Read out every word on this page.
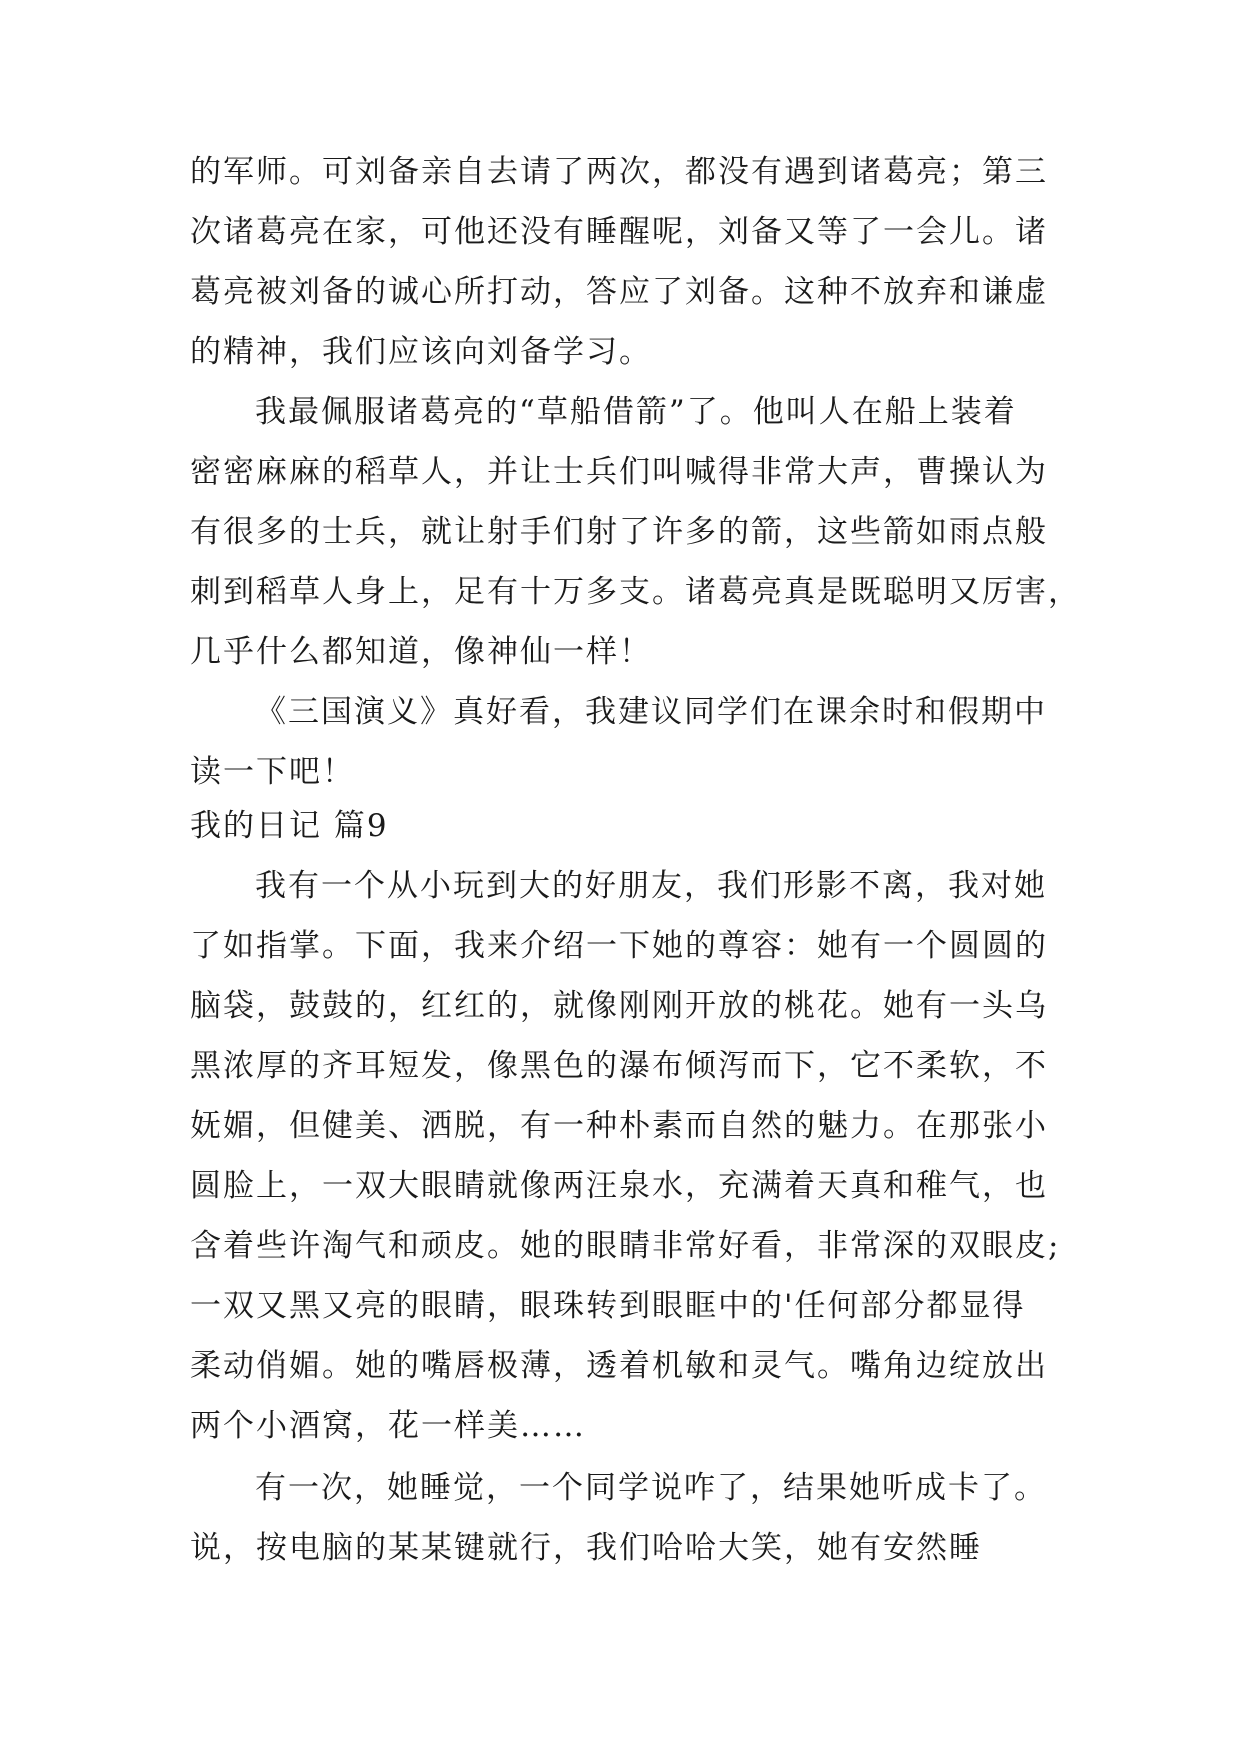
的军师。可刘备亲自去请了两次，都没有遇到诸葛亮；第三
次诸葛亮在家，可他还没有睡醒呢，刘备又等了一会儿。诸
葛亮被刘备的诚心所打动，答应了刘备。这种不放弃和谦虚
的精神，我们应该向刘备学习。
我最佩服诸葛亮的“草船借箭”了。他叫人在船上装着
密密麻麻的稻草人，并让士兵们叫喊得非常大声，曹操认为
有很多的士兵，就让射手们射了许多的箭，这些箭如雨点般
刺到稻草人身上，足有十万多支。诸葛亮真是既聪明又厉害，
几乎什么都知道，像神仙一样！
《三国演义》真好看，我建议同学们在课余时和假期中
读一下吧！
我的日记 篇9
我有一个从小玩到大的好朋友，我们形影不离，我对她
了如指掌。下面，我来介绍一下她的尊容：她有一个圆圆的
脑袋，鼓鼓的，红红的，就像刚刚开放的桃花。她有一头乌
黑浓厚的齐耳短发，像黑色的瀑布倾泻而下，它不柔软，不
妩媚，但健美、洒脱，有一种朴素而自然的魅力。在那张小
圆脸上，一双大眼睛就像两汪泉水，充满着天真和稚气，也
含着些许淘气和顽皮。她的眼睛非常好看，非常深的双眼皮;
一双又黑又亮的眼睛，眼珠转到眼眶中的'任何部分都显得
柔动俏媚。她的嘴唇极薄，透着机敏和灵气。嘴角边绽放出
两个小酒窝，花一样美……
有一次，她睡觉，一个同学说咋了，结果她听成卡了。
说，按电脑的某某键就行，我们哈哈大笑，她有安然睡
